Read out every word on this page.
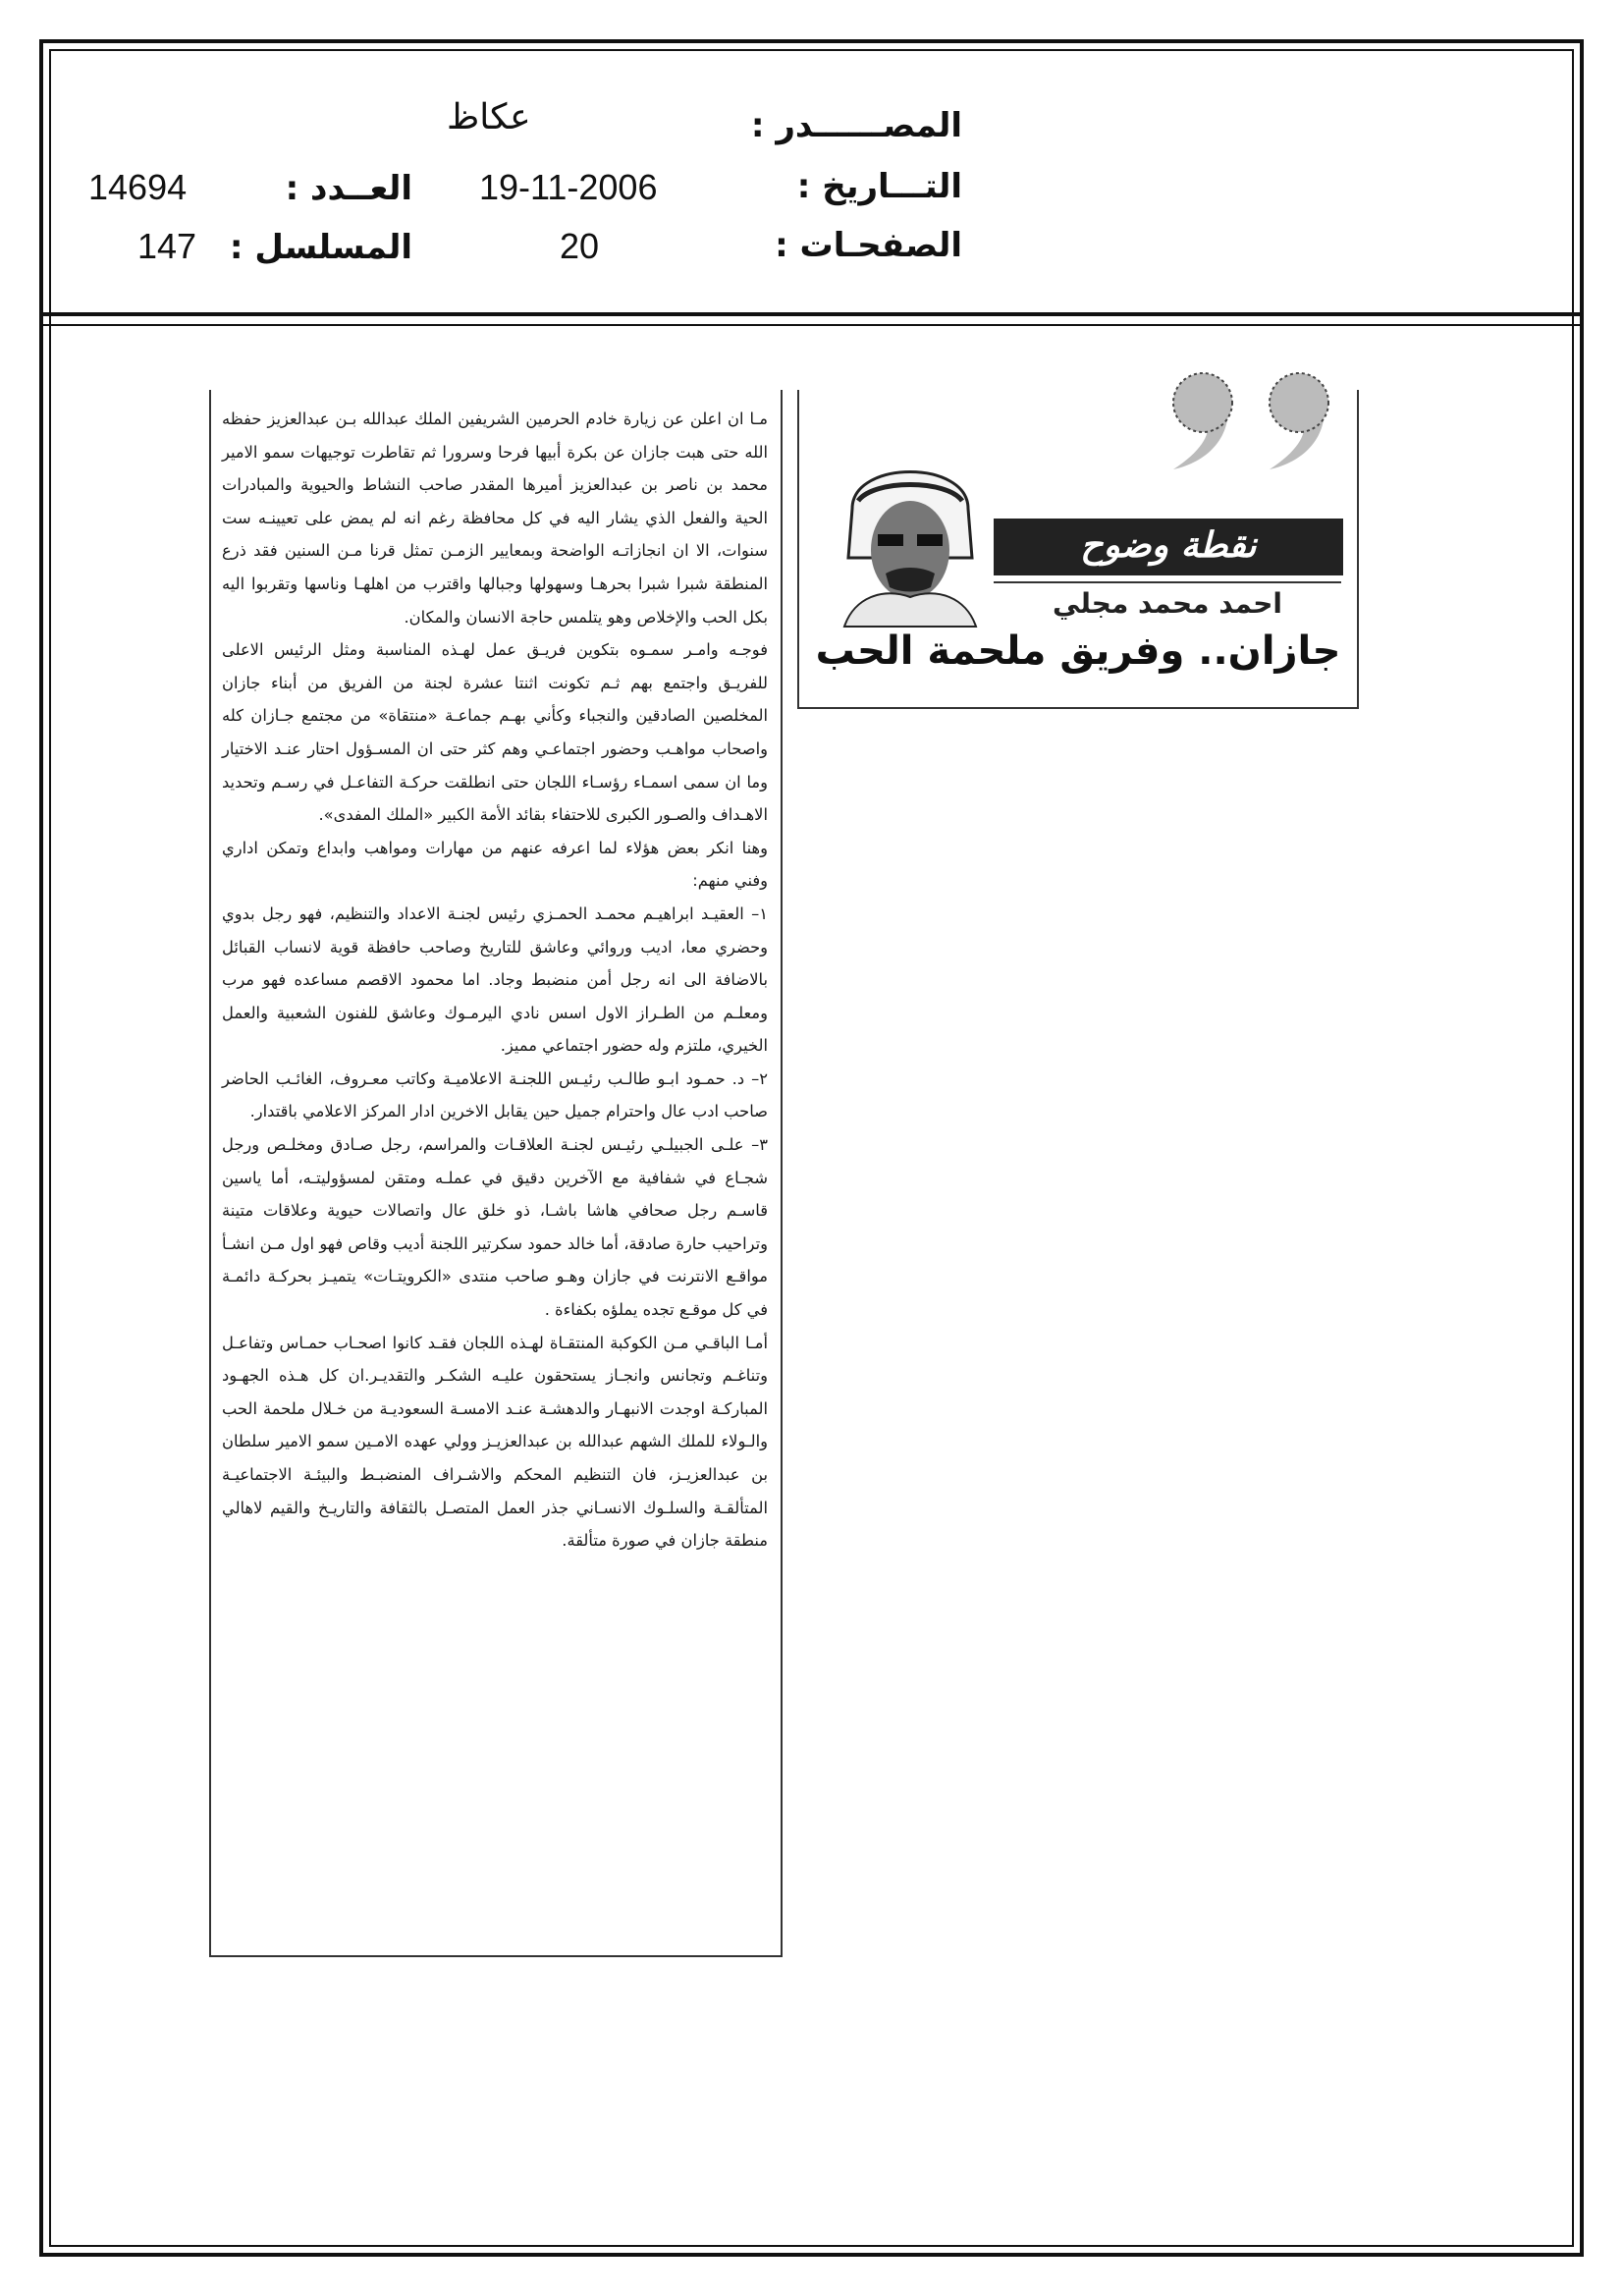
المصــــــدر :
عكاظ
التـــاريخ :
19-11-2006
العــدد :
14694
الصفحـات :
20
المسلسل :
147
نقطة وضوح
احمد محمد مجلي
جازان.. وفريق ملحمة الحب

مـا ان اعلن عن زيارة خادم الحرمين الشريفين الملك عبدالله بـن عبدالعزيز حفظه الله حتى هبت جازان عن بكرة أبيها فرحا وسرورا ثم تقاطرت توجيهات سمو الامير محمد بن ناصر بن عبدالعزيز أميرها المقدر صاحب النشاط والحيوية والمبادرات الحية والفعل الذي يشار اليه في كل محافظة رغم انه لم يمض على تعيينـه ست سنوات، الا ان انجازاتـه الواضحة وبمعايير الزمـن تمثل قرنا مـن السنين فقد ذرع المنطقة شبرا شبرا بحرهـا وسهولها وجبالها واقترب من اهلهـا وناسها وتقربوا اليه بكل الحب والإخلاص وهو يتلمس حاجة الانسان والمكان.

فوجـه وامـر سمـوه بتكوين فريـق عمل لهـذه المناسبة ومثل الرئيس الاعلى للفريـق واجتمع بهم ثـم تكونت اثنتا عشرة لجنة من الفريق من أبناء جازان المخلصين الصادقين والنجباء وكأني بهـم جماعـة «منتقاة» من مجتمع جـازان كله واصحاب مواهـب وحضور اجتماعـي وهم كثر حتى ان المسـؤول احتار عنـد الاختيار وما ان سمى اسمـاء رؤسـاء اللجان حتى انطلقت حركـة التفاعـل في رسـم وتحديد الاهـداف والصـور الكبرى للاحتفاء بقائد الأمة الكبير «الملك المفدى».

وهنا انكر بعض هؤلاء لما اعرفه عنهم من مهارات ومواهب وابداع وتمكن اداري وفني منهم:

١– العقيـد ابراهيـم محمـد الحمـزي رئيس لجنـة الاعداد والتنظيم، فهو رجل بدوي وحضري معا، اديب وروائي وعاشق للتاريخ وصاحب حافظة قوية لانساب القبائل بالاضافة الى انه رجل أمن منضبط وجاد. اما محمود الاقصم مساعده فهو مرب ومعلـم من الطـراز الاول اسس نادي اليرمـوك وعاشق للفنون الشعبية والعمل الخيري، ملتزم وله حضور اجتماعي مميز.

٢– د. حمـود ابـو طالـب رئيـس اللجنـة الاعلاميـة وكاتب معـروف، الغائـب الحاضر صاحب ادب عال واحترام جميل حين يقابل الاخرين ادار المركز الاعلامي باقتدار.

٣– علـى الجبيلـي رئيـس لجنـة العلاقـات والمراسم، رجل صـادق ومخلـص ورجل شجـاع في شفافية مع الآخرين دقيق في عملـه ومتقن لمسؤوليتـه، أما ياسين قاسـم رجل صحافي هاشا باشـا، ذو خلق عال واتصالات حيوية وعلاقات متينة وتراحيب حارة صادقة، أما خالد حمود سكرتير اللجنة أديب وقاص فهو اول مـن انشـأ مواقـع الانترنت في جازان وهـو صاحب منتدى «الكرويتـات» يتميـز بحركـة دائمـة في كل موقـع تجده يملؤه بكفاءة .

أمـا الباقـي مـن الكوكبة المنتقـاة لهـذه اللجان فقـد كانوا اصحـاب حمـاس وتفاعـل وتناغـم وتجانس وانجـاز يستحقون عليـه الشكـر والتقديـر.ان كل هـذه الجهـود المباركـة اوجدت الانبهـار والدهشـة عنـد الامسـة السعوديـة من خـلال ملحمة الحب والـولاء للملك الشهم عبدالله بن عبدالعزيـز وولي عهده الامـين سمو الامير سلطان بن عبدالعزيـز، فان التنظيم المحكم والاشـراف المنضبـط والبيئـة الاجتماعيـة المتألقـة والسلـوك الانسـاني جذر العمل المتصـل بالثقافة والتاريـخ والقيم لاهالي منطقة جازان في صورة متألقة.
